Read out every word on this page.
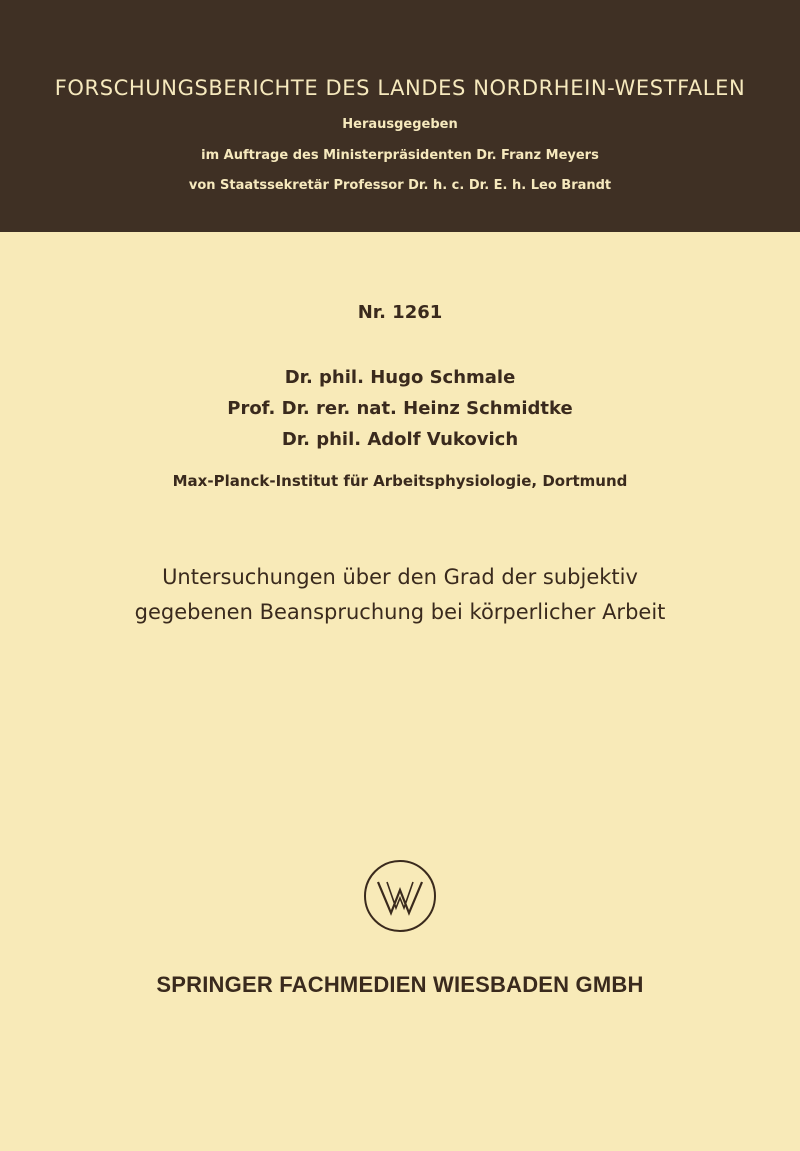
FORSCHUNGSBERICHTE DES LANDES NORDRHEIN-WESTFALEN
Herausgegeben
im Auftrage des Ministerpräsidenten Dr. Franz Meyers
von Staatssekretär Professor Dr. h. c. Dr. E. h. Leo Brandt
Nr. 1261
Dr. phil. Hugo Schmale
Prof. Dr. rer. nat. Heinz Schmidtke
Dr. phil. Adolf Vukovich
Max-Planck-Institut für Arbeitsphysiologie, Dortmund
Untersuchungen über den Grad der subjektiv
gegebenen Beanspruchung bei körperlicher Arbeit
SPRINGER FACHMEDIEN WIESBADEN GMBH
